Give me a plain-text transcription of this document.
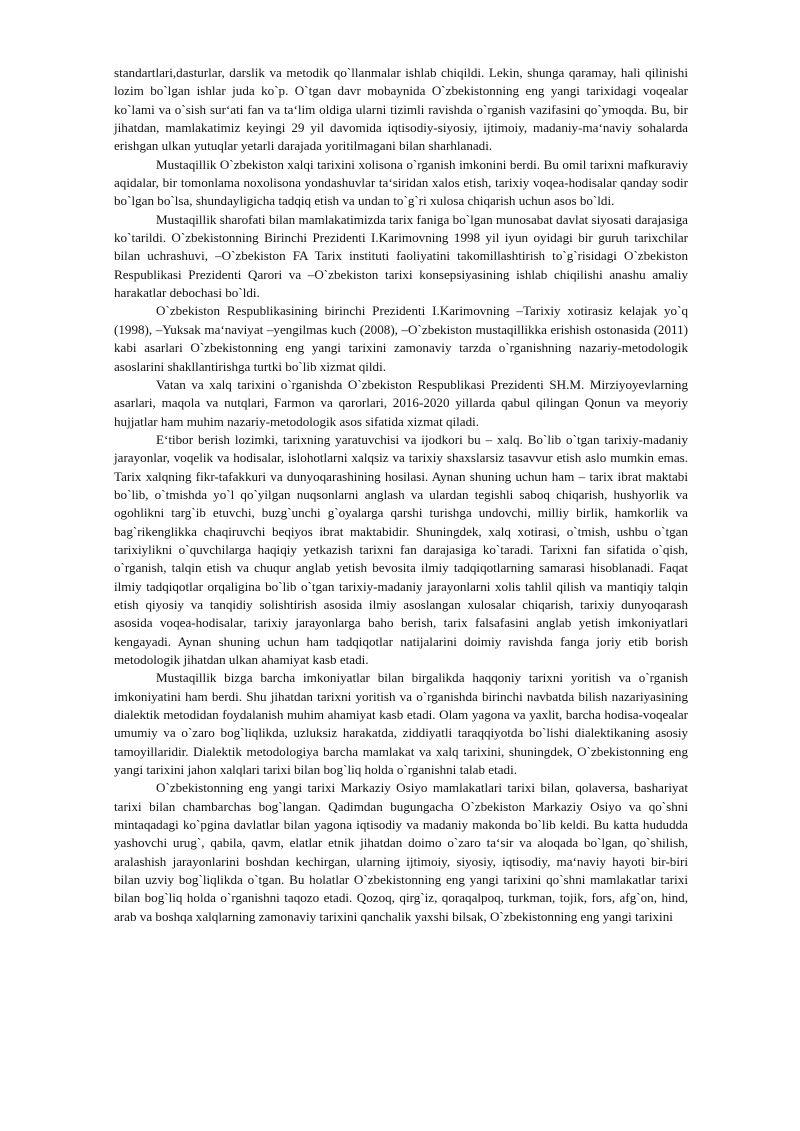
standartlari,dasturlar, darslik va metodik qo`llanmalar ishlab chiqildi. Lekin, shunga qaramay, hali qilinishi lozim bo`lgan ishlar juda ko`p. O`tgan davr mobaynida O`zbekistonning eng yangi tarixidagi voqealar ko`lami va o`sish sur‘ati fan va ta‘lim oldiga ularni tizimli ravishda o`rganish vazifasini qo`ymoqda. Bu, bir jihatdan, mamlakatimiz keyingi 29 yil davomida iqtisodiy-siyosiy, ijtimoiy, madaniy-ma‘naviy sohalarda erishgan ulkan yutuqlar yetarli darajada yoritilmagani bilan sharhlanadi.

Mustaqillik O`zbekiston xalqi tarixini xolisona o`rganish imkonini berdi. Bu omil tarixni mafkuraviy aqidalar, bir tomonlama noxolisona yondashuvlar ta‘siridan xalos etish, tarixiy voqea-hodisalar qanday sodir bo`lgan bo`lsa, shundayligicha tadqiq etish va undan to`g`ri xulosa chiqarish uchun asos bo`ldi.

Mustaqillik sharofati bilan mamlakatimizda tarix faniga bo`lgan munosabat davlat siyosati darajasiga ko`tarildi. O`zbekistonning Birinchi Prezidenti I.Karimovning 1998 yil iyun oyidagi bir guruh tarixchilar bilan uchrashuvi, –O`zbekiston FA Tarix instituti faoliyatini takomillashtirish to`g`risidagi O`zbekiston Respublikasi Prezidenti Qarori va –O`zbekiston tarixi konsepsiyasining ishlab chiqilishi anashu amaliy harakatlar debochasi bo`ldi.

O`zbekiston Respublikasining birinchi Prezidenti I.Karimovning –Tarixiy xotirasiz kelajak yo`q (1998), –Yuksak ma‘naviyat –yengilmas kuch (2008), –O`zbekiston mustaqillikka erishish ostonasida (2011) kabi asarlari O`zbekistonning eng yangi tarixini zamonaviy tarzda o`rganishning nazariy-metodologik asoslarini shakllantirishga turtki bo`lib xizmat qildi.

Vatan va xalq tarixini o`rganishda O`zbekiston Respublikasi Prezidenti SH.M. Mirziyoyevlarning asarlari, maqola va nutqlari, Farmon va qarorlari, 2016-2020 yillarda qabul qilingan Qonun va meyoriy hujjatlar ham muhim nazariy-metodologik asos sifatida xizmat qiladi.

E‘tibor berish lozimki, tarixning yaratuvchisi va ijodkori bu – xalq. Bo`lib o`tgan tarixiy-madaniy jarayonlar, voqelik va hodisalar, islohotlarni xalqsiz va tarixiy shaxslarsiz tasavvur etish aslo mumkin emas. Tarix xalqning fikr-tafakkuri va dunyoqarashining hosilasi. Aynan shuning uchun ham – tarix ibrat maktabi bo`lib, o`tmishda yo`l qo`yilgan nuqsonlarni anglash va ulardan tegishli saboq chiqarish, hushyorlik va ogohlikni targ`ib etuvchi, buzg`unchi g`oyalarga qarshi turishga undovchi, milliy birlik, hamkorlik va bag`rikenglikka chaqiruvchi beqiyos ibrat maktabidir. Shuningdek, xalq xotirasi, o`tmish, ushbu o`tgan tarixiylikni o`quvchilarga haqiqiy yetkazish tarixni fan darajasiga ko`taradi. Tarixni fan sifatida o`qish, o`rganish, talqin etish va chuqur anglab yetish bevosita ilmiy tadqiqotlarning samarasi hisoblanadi. Faqat ilmiy tadqiqotlar orqaligina bo`lib o`tgan tarixiy-madaniy jarayonlarni xolis tahlil qilish va mantiqiy talqin etish qiyosiy va tanqidiy solishtirish asosida ilmiy asoslangan xulosalar chiqarish, tarixiy dunyoqarash asosida voqea-hodisalar, tarixiy jarayonlarga baho berish, tarix falsafasini anglab yetish imkoniyatlari kengayadi. Aynan shuning uchun ham tadqiqotlar natijalarini doimiy ravishda fanga joriy etib borish metodologik jihatdan ulkan ahamiyat kasb etadi.

Mustaqillik bizga barcha imkoniyatlar bilan birgalikda haqqoniy tarixni yoritish va o`rganish imkoniyatini ham berdi. Shu jihatdan tarixni yoritish va o`rganishda birinchi navbatda bilish nazariyasining dialektik metodidan foydalanish muhim ahamiyat kasb etadi. Olam yagona va yaxlit, barcha hodisa-voqealar umumiy va o`zaro bog`liqlikda, uzluksiz harakatda, ziddiyatli taraqqiyotda bo`lishi dialektikaning asosiy tamoyillaridir. Dialektik metodologiya barcha mamlakat va xalq tarixini, shuningdek, O`zbekistonning eng yangi tarixini jahon xalqlari tarixi bilan bog`liq holda o`rganishni talab etadi.

O`zbekistonning eng yangi tarixi Markaziy Osiyo mamlakatlari tarixi bilan, qolaversa, bashariyat tarixi bilan chambarchas bog`langan. Qadimdan bugungacha O`zbekiston Markaziy Osiyo va qo`shni mintaqadagi ko`pgina davlatlar bilan yagona iqtisodiy va madaniy makonda bo`lib keldi. Bu katta hududda yashovchi urug`, qabila, qavm, elatlar etnik jihatdan doimo o`zaro ta‘sir va aloqada bo`lgan, qo`shilish, aralashish jarayonlarini boshdan kechirgan, ularning ijtimoiy, siyosiy, iqtisodiy, ma‘naviy hayoti bir-biri bilan uzviy bog`liqlikda o`tgan. Bu holatlar O`zbekistonning eng yangi tarixini qo`shni mamlakatlar tarixi bilan bog`liq holda o`rganishni taqozo etadi. Qozoq, qirg`iz, qoraqalpoq, turkman, tojik, fors, afg`on, hind, arab va boshqa xalqlarning zamonaviy tarixini qanchalik yaxshi bilsak, O`zbekistonning eng yangi tarixini
